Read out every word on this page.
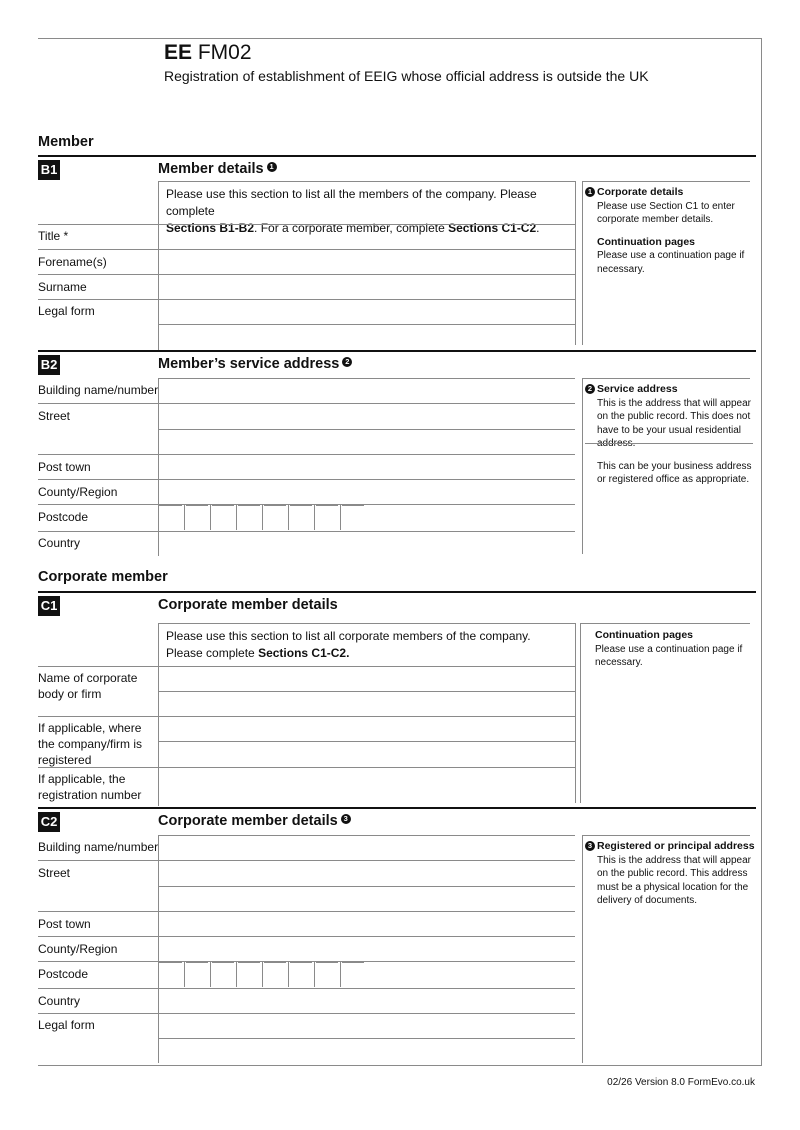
EE FM02
Registration of establishment of EEIG whose official address is outside the UK
Member
B1	Member details 1
Please use this section to list all the members of the company. Please complete
Sections B1-B2. For a corporate member, complete Sections C1-C2.
Title *
Forename(s)
Surname
Legal form
1 Corporate details
Please use Section C1 to enter corporate member details.
Continuation pages
Please use a continuation page if necessary.
B2	Member’s service address 2
Building name/number
Street
Post town
County/Region
Postcode
Country
2 Service address
This is the address that will appear on the public record. This does not have to be your usual residential address.
This can be your business address or registered office as appropriate.
Corporate member
C1	Corporate member details
Please use this section to list all corporate members of the company.
Please complete Sections C1-C2.
Name of corporate
body or firm
If applicable, where
the company/firm is
registered
If applicable, the
registration number
Continuation pages
Please use a continuation page if necessary.
C2	Corporate member details 3
Building name/number
Street
Post town
County/Region
Postcode
Country
Legal form
3 Registered or principal address
This is the address that will appear on the public record. This address must be a physical location for the delivery of documents.
02/26 Version 8.0 FormEvo.co.uk
